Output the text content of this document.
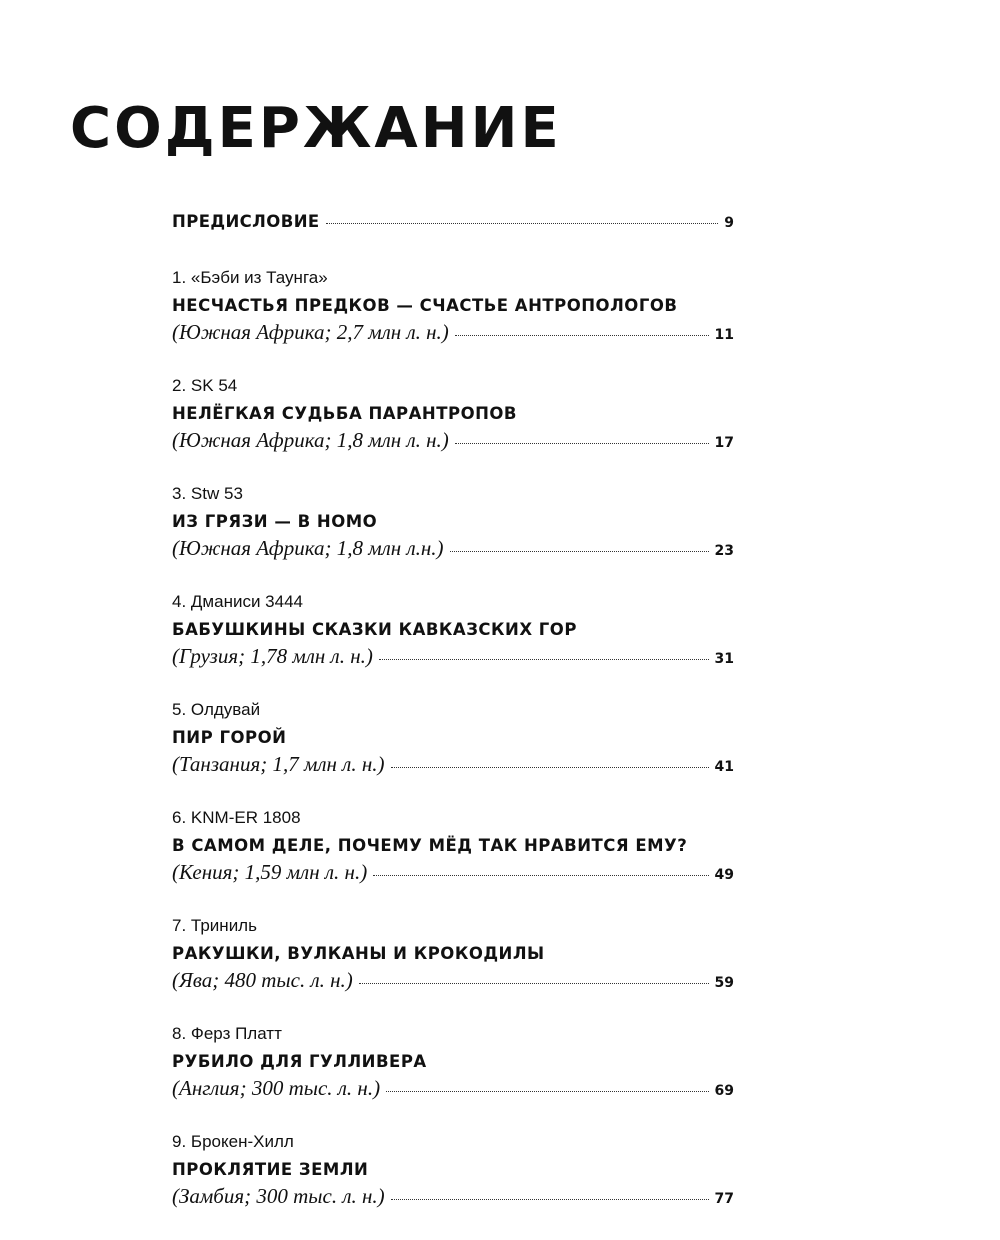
СОДЕРЖАНИЕ
ПРЕДИСЛОВИЕ	9
1. «Бэби из Таунга»
НЕСЧАСТЬЯ ПРЕДКОВ — СЧАСТЬЕ АНТРОПОЛОГОВ
(Южная Африка; 2,7 млн л. н.)	11
2. SK 54
НЕЛЁГКАЯ СУДЬБА ПАРАНТРОПОВ
(Южная Африка; 1,8 млн л. н.)	17
3. Stw 53
ИЗ ГРЯЗИ — В HOMO
(Южная Африка; 1,8 млн л.н.)	23
4. Дманиси 3444
БАБУШКИНЫ СКАЗКИ КАВКАЗСКИХ ГОР
(Грузия; 1,78 млн л. н.)	31
5. Олдувай
ПИР ГОРОЙ
(Танзания; 1,7 млн л. н.)	41
6. KNM-ER 1808
В САМОМ ДЕЛЕ, ПОЧЕМУ МЁД ТАК НРАВИТСЯ ЕМУ?
(Кения; 1,59 млн л. н.)	49
7. Триниль
РАКУШКИ, ВУЛКАНЫ И КРОКОДИЛЫ
(Ява; 480 тыс. л. н.)	59
8. Ферз Платт
РУБИЛО ДЛЯ ГУЛЛИВЕРА
(Англия; 300 тыс. л. н.)	69
9. Брокен-Хилл
ПРОКЛЯТИЕ ЗЕМЛИ
(Замбия; 300 тыс. л. н.)	77
